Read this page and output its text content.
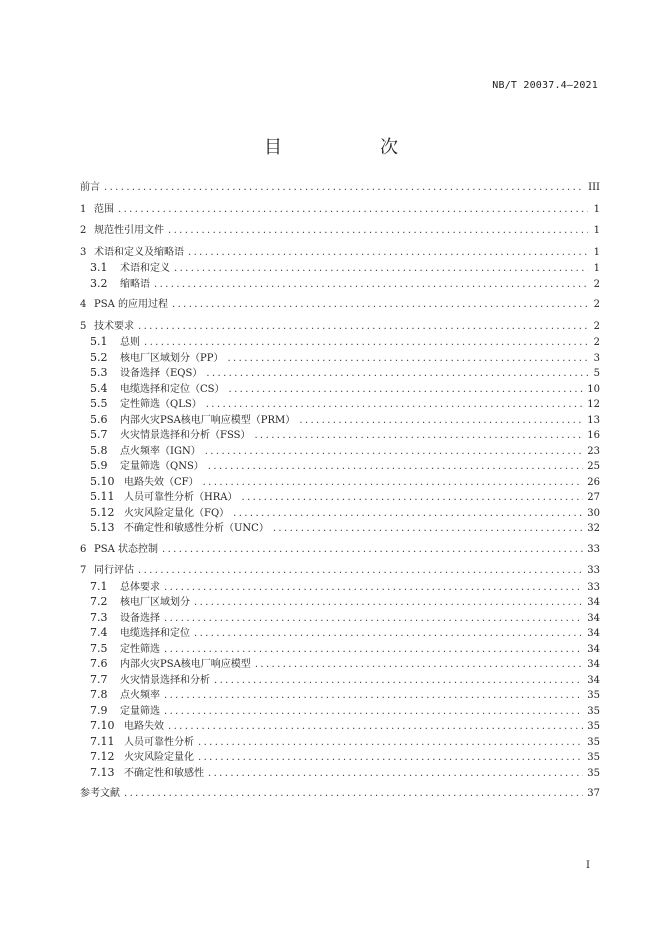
NB/T 20037.4—2021
目　次
前言 .....	III
1 范围 .....	1
2 规范性引用文件 .....	1
3 术语和定义及缩略语 .....	1
3.1	术语和定义 .....	1
3.2	缩略语 .....	2
4 PSA 的应用过程 .....	2
5 技术要求 .....	2
5.1	总则 .....	2
5.2	核电厂区域划分（PP） .....	3
5.3	设备选择（EQS） .....	5
5.4	电缆选择和定位（CS） .....	10
5.5	定性筛选（QLS） .....	12
5.6	内部火灾PSA核电厂响应模型（PRM） .....	13
5.7	火灾情景选择和分析（FSS） .....	16
5.8	点火频率（IGN） .....	23
5.9	定量筛选（QNS） .....	25
5.10 电路失效（CF） .....	26
5.11 人员可靠性分析（HRA） .....	27
5.12 火灾风险定量化（FQ） .....	30
5.13 不确定性和敏感性分析（UNC） .....	32
6 PSA 状态控制 .....	33
7 同行评估 .....	33
7.1	总体要求 .....	33
7.2	核电厂区域划分 .....	34
7.3	设备选择 .....	34
7.4	电缆选择和定位 .....	34
7.5	定性筛选 .....	34
7.6	内部火灾PSA核电厂响应模型 .....	34
7.7	火灾情景选择和分析 .....	34
7.8	点火频率 .....	35
7.9	定量筛选 .....	35
7.10 电路失效 .....	35
7.11 人员可靠性分析 .....	35
7.12 火灾风险定量化 .....	35
7.13 不确定性和敏感性 .....	35
参考文献 .....	37
I
